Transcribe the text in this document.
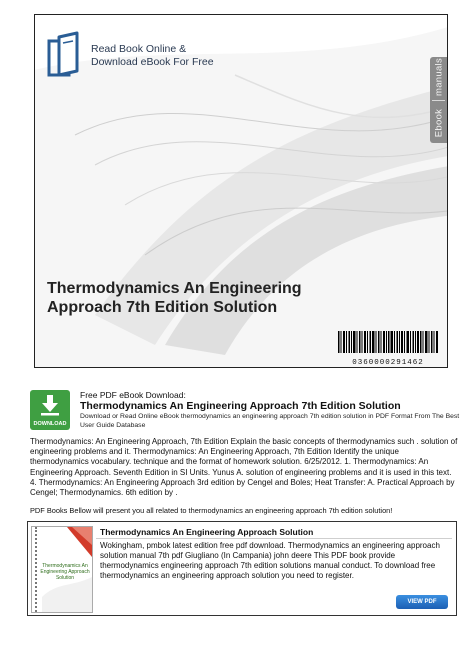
Read Book Online &
Download eBook For Free
Ebook
manuals
Thermodynamics An Engineering Approach 7th Edition Solution
0360000291462
DOWNLOAD
Free PDF eBook Download:
Thermodynamics An Engineering Approach 7th Edition Solution
Download or Read Online eBook thermodynamics an engineering approach 7th edition solution in PDF Format From The Best User Guide Database
Thermodynamics: An Engineering Approach, 7th Edition Explain the basic concepts of thermodynamics such . solution of engineering problems and it. Thermodynamics: An Engineering Approach, 7th Edition Identify the unique thermodynamics vocabulary. technique and the format of homework solution. 6/25/2012. 1. Thermodynamics: An Engineering Approach. Seventh Edition in SI Units. Yunus A. solution of engineering problems and it is used in this text. 4. Thermodynamics: An Engineering Approach 3rd edition by Cengel and Boles; Heat Transfer: A. Practical Approach by Cengel; Thermodynamics. 6th edition by .
PDF Books Bellow will present you all related to thermodynamics an engineering approach 7th edition solution!
Thermodynamics An Engineering Approach Solution
Thermodynamics An Engineering Approach Solution
Wokingham, pmbok latest edition free pdf download. Thermodynamics an engineering approach solution manual 7th pdf Giugliano (In Campania) john deere This PDF book provide thermodynamics engineering approach 7th edition solutions manual conduct. To download free thermodynamics an engineering approach solution you need to register.
VIEW PDF
